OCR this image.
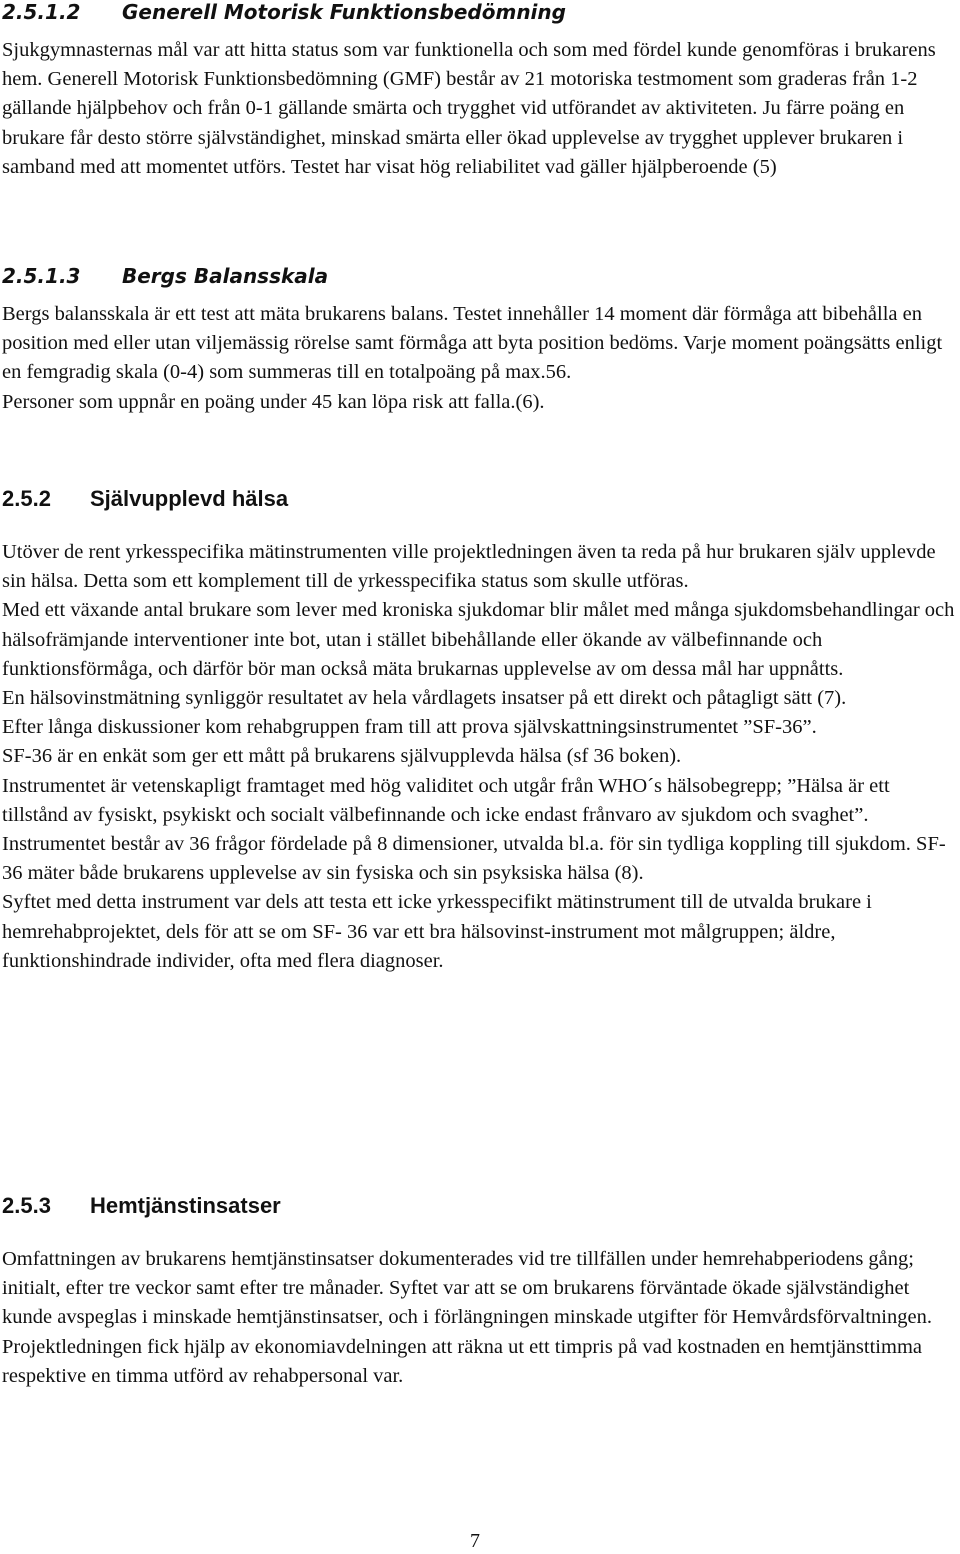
2.5.1.2 Generell Motorisk Funktionsbedömning

Sjukgymnasternas mål var att hitta status som var funktionella och som med fördel kunde genomföras i brukarens hem. Generell Motorisk Funktionsbedömning (GMF) består av 21 motoriska testmoment som graderas från 1-2 gällande hjälpbehov och från 0-1 gällande smärta och trygghet vid utförandet av aktiviteten. Ju färre poäng en brukare får desto större självständighet, minskad smärta eller ökad upplevelse av trygghet upplever brukaren i samband med att momentet utförs. Testet har visat hög reliabilitet vad gäller hjälpberoende (5)

2.5.1.3 Bergs Balansskala

Bergs balansskala är ett test att mäta brukarens balans. Testet innehåller 14 moment där förmåga att bibehålla en position med eller utan viljemässig rörelse samt förmåga att byta position bedöms. Varje moment poängsätts enligt en femgradig skala (0-4) som summeras till en totalpoäng på max.56.

Personer som uppnår en poäng under 45 kan löpa risk att falla.(6).

2.5.2 Självupplevd hälsa

Utöver de rent yrkesspecifika mätinstrumenten ville projektledningen även ta reda på hur brukaren själv upplevde sin hälsa. Detta som ett komplement till de yrkesspecifika status som skulle utföras.

Med ett växande antal brukare som lever med kroniska sjukdomar blir målet med många sjukdomsbehandlingar och hälsofrämjande interventioner inte bot, utan i stället bibehållande eller ökande av välbefinnande och funktionsförmåga, och därför bör man också mäta brukarnas upplevelse av om dessa mål har uppnåtts.

En hälsovinstmätning synliggör resultatet av hela vårdlagets insatser på ett direkt och påtagligt sätt (7).

Efter långa diskussioner kom rehabgruppen fram till att prova självskattningsinstrumentet ”SF-36”.

SF-36 är en enkät som ger ett mått på brukarens självupplevda hälsa (sf 36 boken).

Instrumentet är vetenskapligt framtaget med hög validitet och utgår från WHO´s hälsobegrepp; ”Hälsa är ett tillstånd av fysiskt, psykiskt och socialt välbefinnande och icke endast frånvaro av sjukdom och svaghet”.

Instrumentet består av 36 frågor fördelade på 8 dimensioner, utvalda bl.a. för sin tydliga koppling till sjukdom. SF-36 mäter både brukarens upplevelse av sin fysiska och sin psyksiska hälsa (8).

Syftet med detta instrument var dels att testa ett icke yrkesspecifikt mätinstrument till de utvalda brukare i hemrehabprojektet, dels för att se om SF- 36 var ett bra hälsovinst-instrument mot målgruppen; äldre, funktionshindrade individer, ofta med flera diagnoser.

2.5.3 Hemtjänstinsatser

Omfattningen av brukarens hemtjänstinsatser dokumenterades vid tre tillfällen under hemrehabperiodens gång; initialt, efter tre veckor samt efter tre månader. Syftet var att se om brukarens förväntade ökade självständighet kunde avspeglas i minskade hemtjänstinsatser, och i förlängningen minskade utgifter för Hemvårdsförvaltningen. Projektledningen fick hjälp av ekonomiavdelningen att räkna ut ett timpris på vad kostnaden en hemtjänsttimma respektive en timma utförd av rehabpersonal var.

7
